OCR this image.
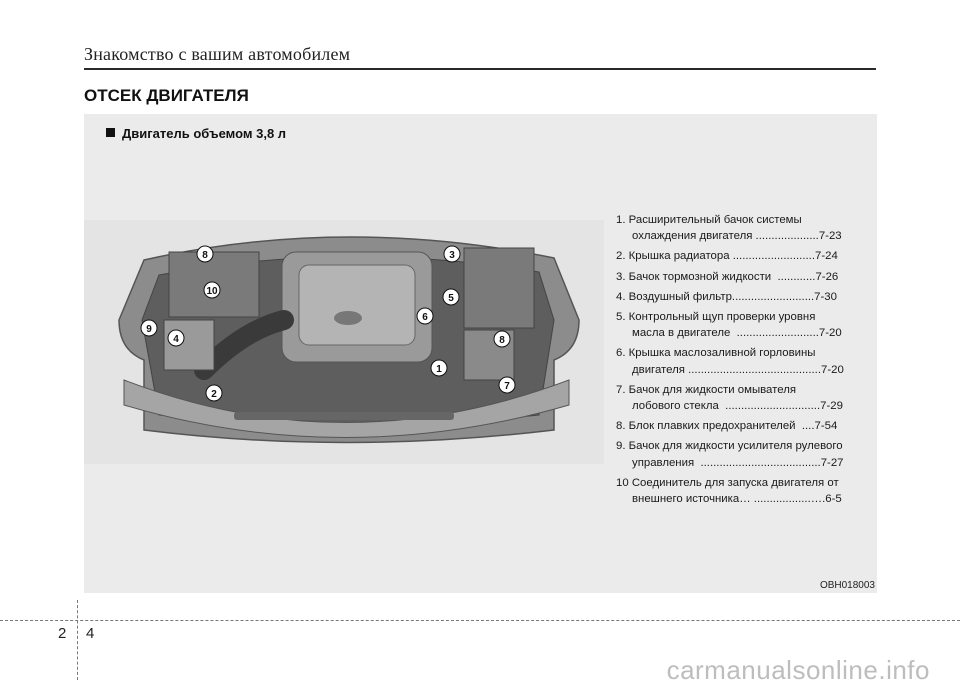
Знакомство с вашим автомобилем
ОТСЕК ДВИГАТЕЛЯ
Двигатель объемом 3,8 л
8
10
9
4
2
3
5
6
8
1
7
1. Расширительный бачок системы
охлаждения двигателя ....................7-23
2. Крышка радиатора ..........................7-24
3. Бачок тормозной жидкости  ............7-26
4. Воздушный фильтр..........................7-30
5. Контрольный щуп проверки уровня
масла в двигателе  ..........................7-20
6. Крышка маслозаливной горловины
двигателя ..........................................7-20
7. Бачок для жидкости омывателя
лобового стекла  ..............................7-29
8. Блок плавких предохранителей  ....7-54
9. Бачок для жидкости усилителя рулевого
управления  ......................................7-27
10 Соединитель для запуска двигателя от
внешнего источника… ..................….6-5
OBH018003
2 4
carmanualsonline.info
